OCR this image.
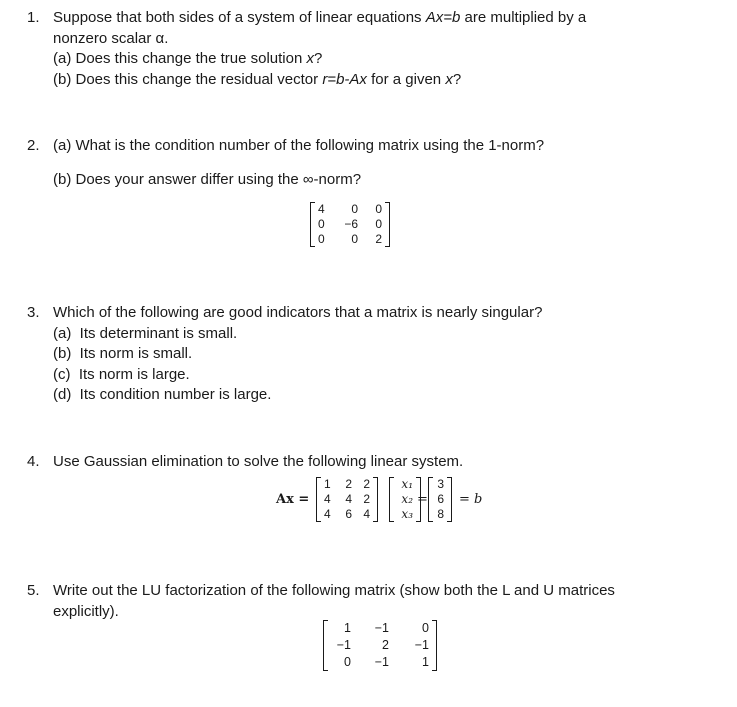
1. Suppose that both sides of a system of linear equations Ax=b are multiplied by a
nonzero scalar α.
(a) Does this change the true solution x?
(b) Does this change the residual vector r=b-Ax for a given x?
2. (a) What is the condition number of the following matrix using the 1-norm?
(b) Does your answer differ using the ∞-norm?
4	0	0
0	−6	0
0	0	2
3. Which of the following are good indicators that a matrix is nearly singular?
(a)  Its determinant is small.
(b)  Its norm is small.
(c)  Its norm is large.
(d)  Its condition number is large.
4. Use Gaussian elimination to solve the following linear system.
Ax =
1	2 2
4	4 2
4	6 4
x₁
x₂
x₃
=
3
6
8
= b
5. Write out the LU factorization of the following matrix (show both the L and U matrices explicitly).
1	−1	0
−1	2	−1
0	−1	1
